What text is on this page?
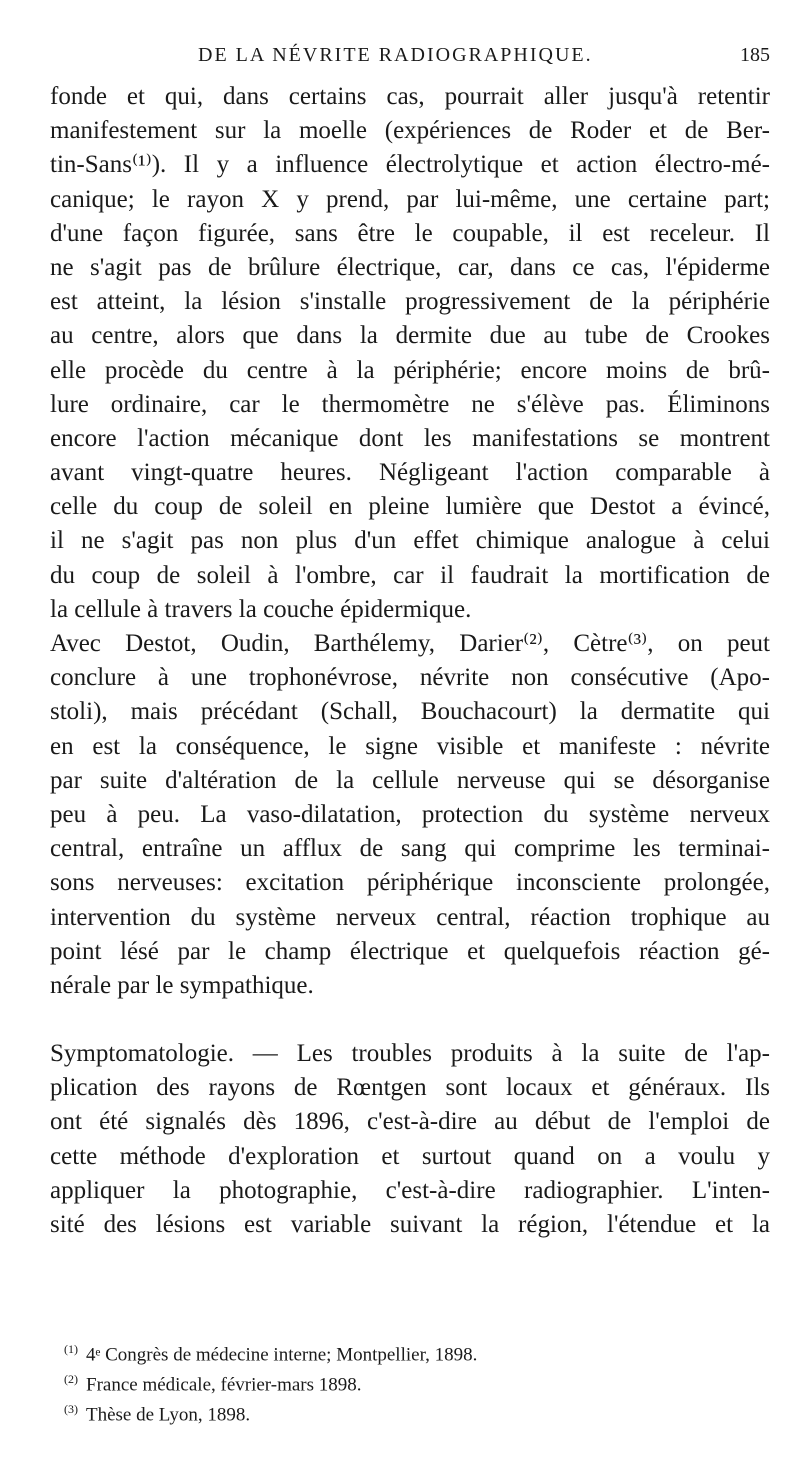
DE LA NÉVRITE RADIOGRAPHIQUE.	185
fonde et qui, dans certains cas, pourrait aller jusqu'à retentir
manifestement sur la moelle (expériences de Roder et de Ber-
tin-Sans⁽¹⁾). Il y a influence électrolytique et action électro-mé-
canique; le rayon X y prend, par lui-même, une certaine part;
d'une façon figurée, sans être le coupable, il est receleur. Il
ne s'agit pas de brûlure électrique, car, dans ce cas, l'épiderme
est atteint, la lésion s'installe progressivement de la périphérie
au centre, alors que dans la dermite due au tube de Crookes
elle procède du centre à la périphérie; encore moins de brû-
lure ordinaire, car le thermomètre ne s'élève pas. Éliminons
encore l'action mécanique dont les manifestations se montrent
avant vingt-quatre heures. Négligeant l'action comparable à
celle du coup de soleil en pleine lumière que Destot a évincé,
il ne s'agit pas non plus d'un effet chimique analogue à celui
du coup de soleil à l'ombre, car il faudrait la mortification de
la cellule à travers la couche épidermique.
Avec Destot, Oudin, Barthélemy, Darier⁽²⁾, Cètre⁽³⁾, on peut
conclure à une trophonévrose, névrite non consécutive (Apo-
stoli), mais précédant (Schall, Bouchacourt) la dermatite qui
en est la conséquence, le signe visible et manifeste : névrite
par suite d'altération de la cellule nerveuse qui se désorganise
peu à peu. La vaso-dilatation, protection du système nerveux
central, entraîne un afflux de sang qui comprime les terminai-
sons nerveuses: excitation périphérique inconsciente prolongée,
intervention du système nerveux central, réaction trophique au
point lésé par le champ électrique et quelquefois réaction gé-
nérale par le sympathique.
Symptomatologie. — Les troubles produits à la suite de l'ap-
plication des rayons de Rœntgen sont locaux et généraux. Ils
ont été signalés dès 1896, c'est-à-dire au début de l'emploi de
cette méthode d'exploration et surtout quand on a voulu y
appliquer la photographie, c'est-à-dire radiographier. L'inten-
sité des lésions est variable suivant la région, l'étendue et la
(1) 4ᵉ Congrès de médecine interne; Montpellier, 1898.
(2) France médicale, février-mars 1898.
(3) Thèse de Lyon, 1898.
